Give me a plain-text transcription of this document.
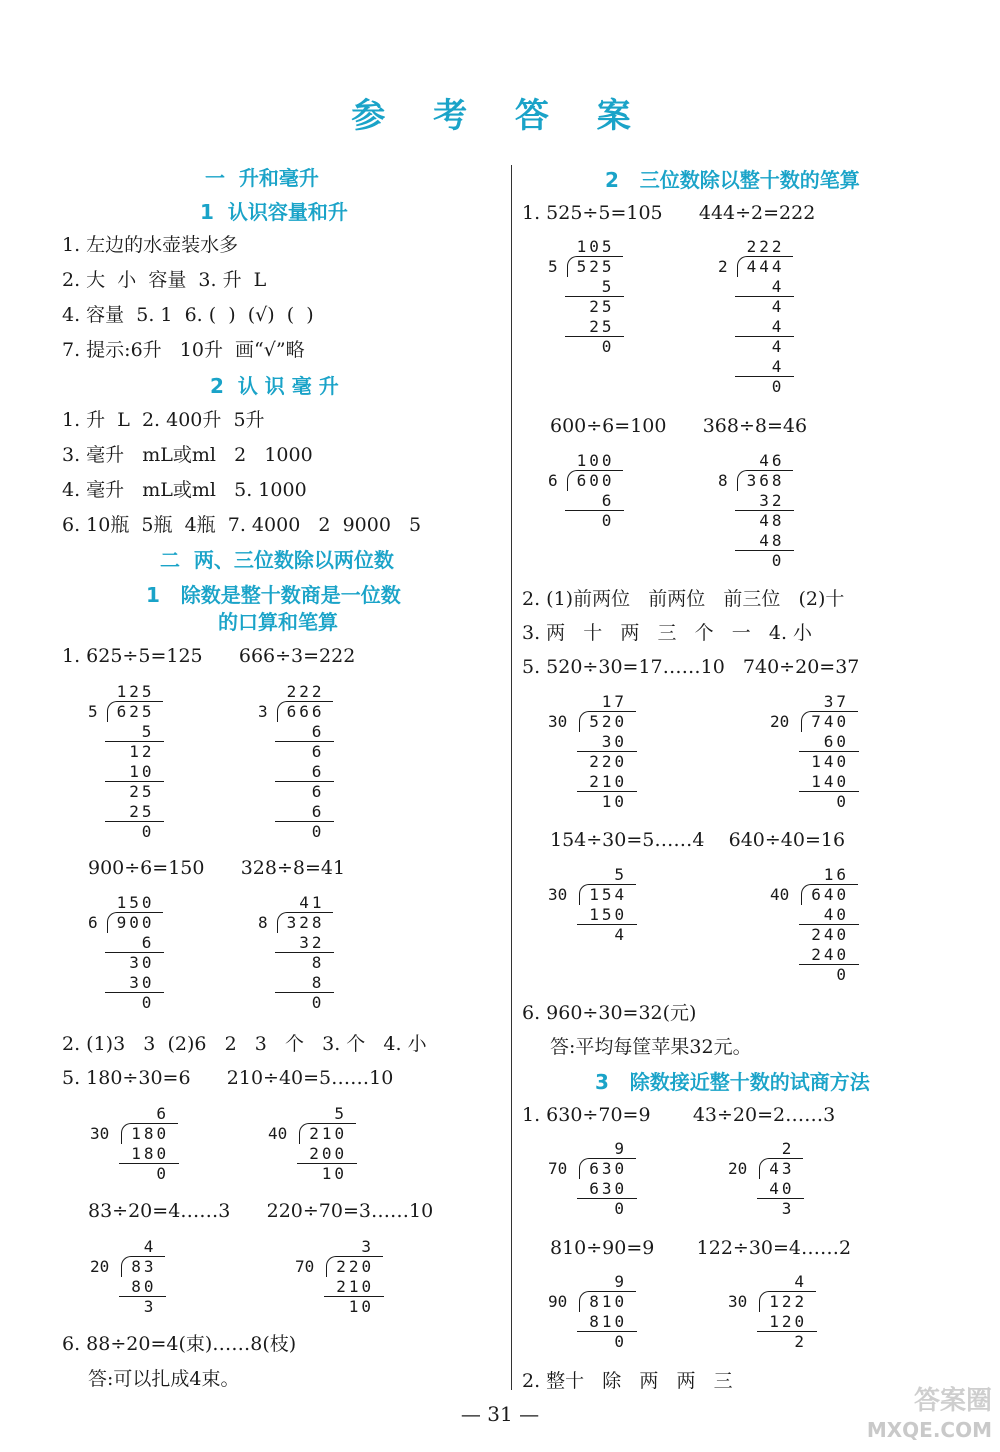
参 考 答 案
一  升和毫升
1  认识容量和升
1. 左边的水壶装水多
2. 大  小  容量  3. 升  L
4. 容量  5. 1  6. (  )  (√)  (  )
7. 提示:6升   10升  画“√”略
2  认 识 毫 升
1. 升  L  2. 400升  5升
3. 毫升   mL或ml   2   1000
4. 毫升   mL或ml   5. 1000
6. 10瓶  5瓶  4瓶  7. 4000   2  9000   5
二  两、三位数除以两位数
1   除数是整十数商是一位数
的口算和笔算
1. 625÷5=125      666÷3=222
900÷6=150      328÷8=41
2. (1)3   3  (2)6   2   3   个   3. 个   4. 小
5. 180÷30=6      210÷40=5……10
83÷20=4……3      220÷70=3……10
6. 88÷20=4(束)……8(枝)
答:可以扎成4束。
2   三位数除以整十数的笔算
1. 525÷5=105      444÷2=222
600÷6=100      368÷8=46
2. (1)前两位   前两位   前三位   (2)十
3. 两   十   两   三   个   一   4. 小
5. 520÷30=17……10   740÷20=37
154÷30=5……4    640÷40=16
6. 960÷30=32(元)
答:平均每筐苹果32元。
3   除数接近整十数的试商方法
1. 630÷70=9       43÷20=2……3
810÷90=9       122÷30=4……2
2. 整十   除   两   两   三
— 31 —	答案圈
MXQE.COM
125
625
5
12
10
25
25
0
5
222
666
6
6
6
6
6
0
3
150
900
6
30
30
0
6
41
328
32
8
8
0
8
6
180
180
0
30
5
210
200
10
40
4
83
80
3
20
3
220
210
10
70
105
525
5
25
25
0
5
222
444
4
4
4
4
4
0
2
100
600
6
0
6
46
368
32
48
48
0
8
17
520
30
220
210
10
30
37
740
60
140
140
0
20
5
154
150
4
30
16
640
40
240
240
0
40
9
630
630
0
70
2
43
40
3
20
9
810
810
0
90
4
122
120
2
30
